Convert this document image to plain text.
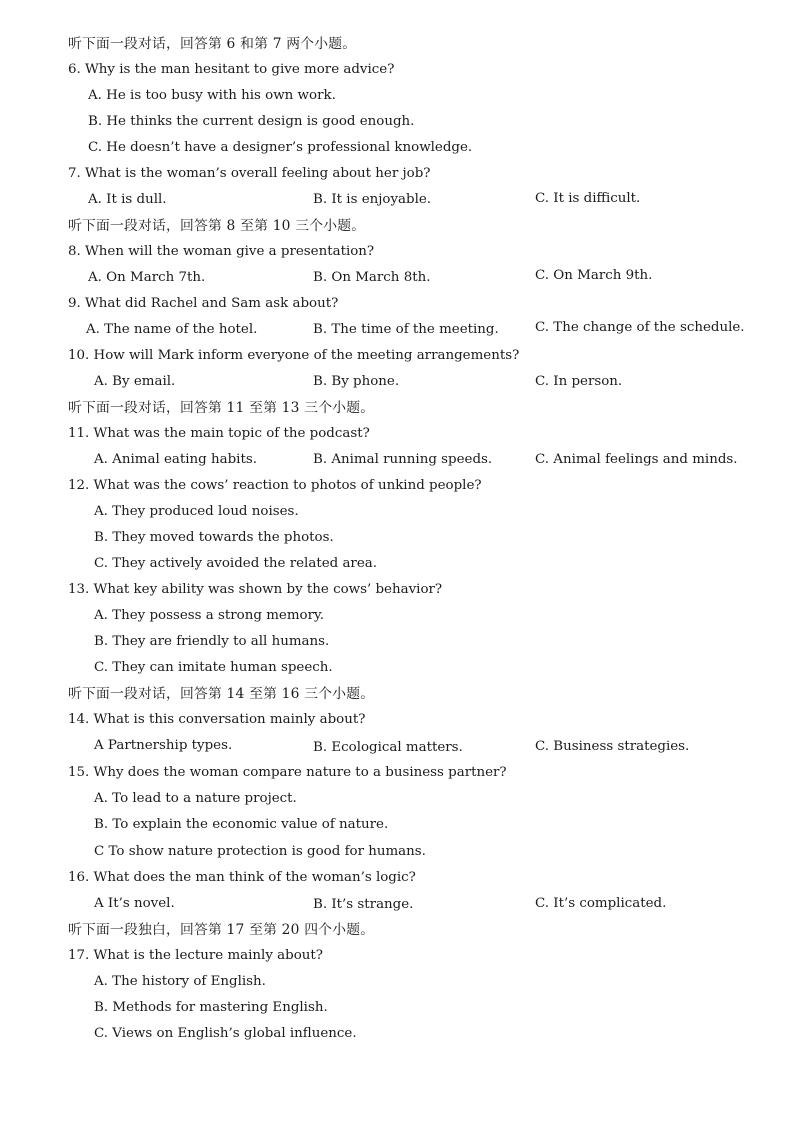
听下面一段对话，回答第 6 和第 7 两个小题。
6. Why is the man hesitant to give more advice?
A. He is too busy with his own work.
B. He thinks the current design is good enough.
C. He doesn’t have a designer’s professional knowledge.
7. What is the woman’s overall feeling about her job?
A. It is dull.	B. It is enjoyable.	C. It is difficult.
听下面一段对话，回答第 8 至第 10 三个小题。
8. When will the woman give a presentation?
A. On March 7th.	B. On March 8th.	C. On March 9th.
9. What did Rachel and Sam ask about?
A. The name of the hotel.	B. The time of the meeting.	C. The change of the schedule.
10. How will Mark inform everyone of the meeting arrangements?
A. By email.	B. By phone.	C. In person.
听下面一段对话，回答第 11 至第 13 三个小题。
11. What was the main topic of the podcast?
A. Animal eating habits.	B. Animal running speeds.	C. Animal feelings and minds.
12. What was the cows’ reaction to photos of unkind people?
A. They produced loud noises.
B. They moved towards the photos.
C. They actively avoided the related area.
13. What key ability was shown by the cows’ behavior?
A. They possess a strong memory.
B. They are friendly to all humans.
C. They can imitate human speech.
听下面一段对话，回答第 14 至第 16 三个小题。
14. What is this conversation mainly about?
A Partnership types.	B. Ecological matters.	C. Business strategies.
15. Why does the woman compare nature to a business partner?
A. To lead to a nature project.
B. To explain the economic value of nature.
C To show nature protection is good for humans.
16. What does the man think of the woman’s logic?
A It’s novel.	B. It’s strange.	C. It’s complicated.
听下面一段独白，回答第 17 至第 20 四个小题。
17. What is the lecture mainly about?
A. The history of English.
B. Methods for mastering English.
C. Views on English’s global influence.
